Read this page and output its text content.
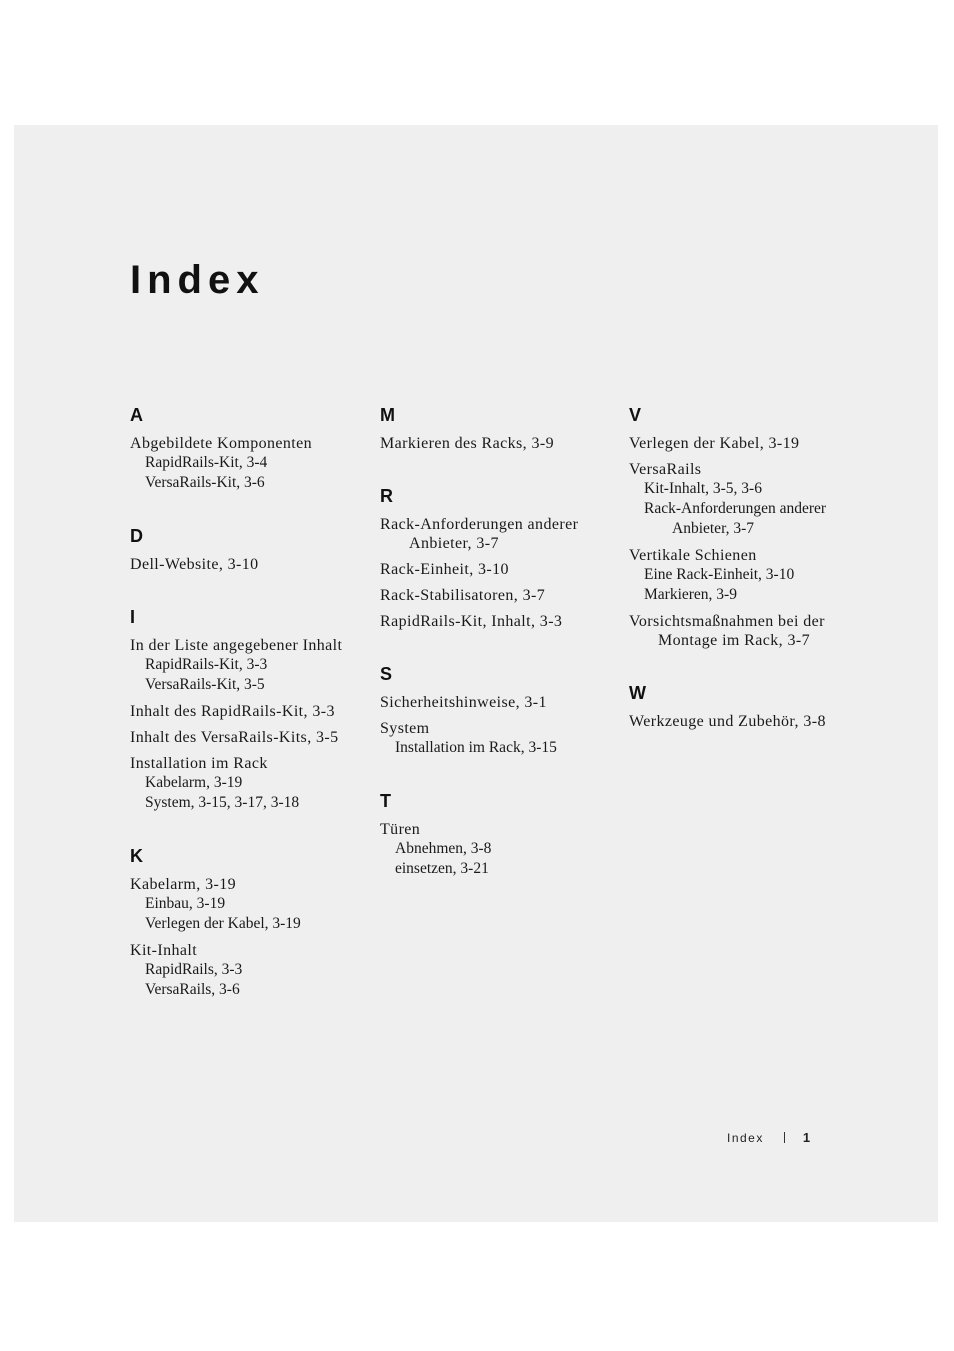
Index
A
Abgebildete Komponenten
RapidRails-Kit, 3-4
VersaRails-Kit, 3-6
D
Dell-Website, 3-10
I
In der Liste angegebener Inhalt
RapidRails-Kit, 3-3
VersaRails-Kit, 3-5
Inhalt des RapidRails-Kit, 3-3
Inhalt des VersaRails-Kits, 3-5
Installation im Rack
Kabelarm, 3-19
System, 3-15, 3-17, 3-18
K
Kabelarm, 3-19
Einbau, 3-19
Verlegen der Kabel, 3-19
Kit-Inhalt
RapidRails, 3-3
VersaRails, 3-6
M
Markieren des Racks, 3-9
R
Rack-Anforderungen anderer Anbieter, 3-7
Rack-Einheit, 3-10
Rack-Stabilisatoren, 3-7
RapidRails-Kit, Inhalt, 3-3
S
Sicherheitshinweise, 3-1
System
Installation im Rack, 3-15
T
Türen
Abnehmen, 3-8
einsetzen, 3-21
V
Verlegen der Kabel, 3-19
VersaRails
Kit-Inhalt, 3-5, 3-6
Rack-Anforderungen anderer Anbieter, 3-7
Vertikale Schienen
Eine Rack-Einheit, 3-10
Markieren, 3-9
Vorsichtsmaßnahmen bei der Montage im Rack, 3-7
W
Werkzeuge und Zubehör, 3-8
Index	1
